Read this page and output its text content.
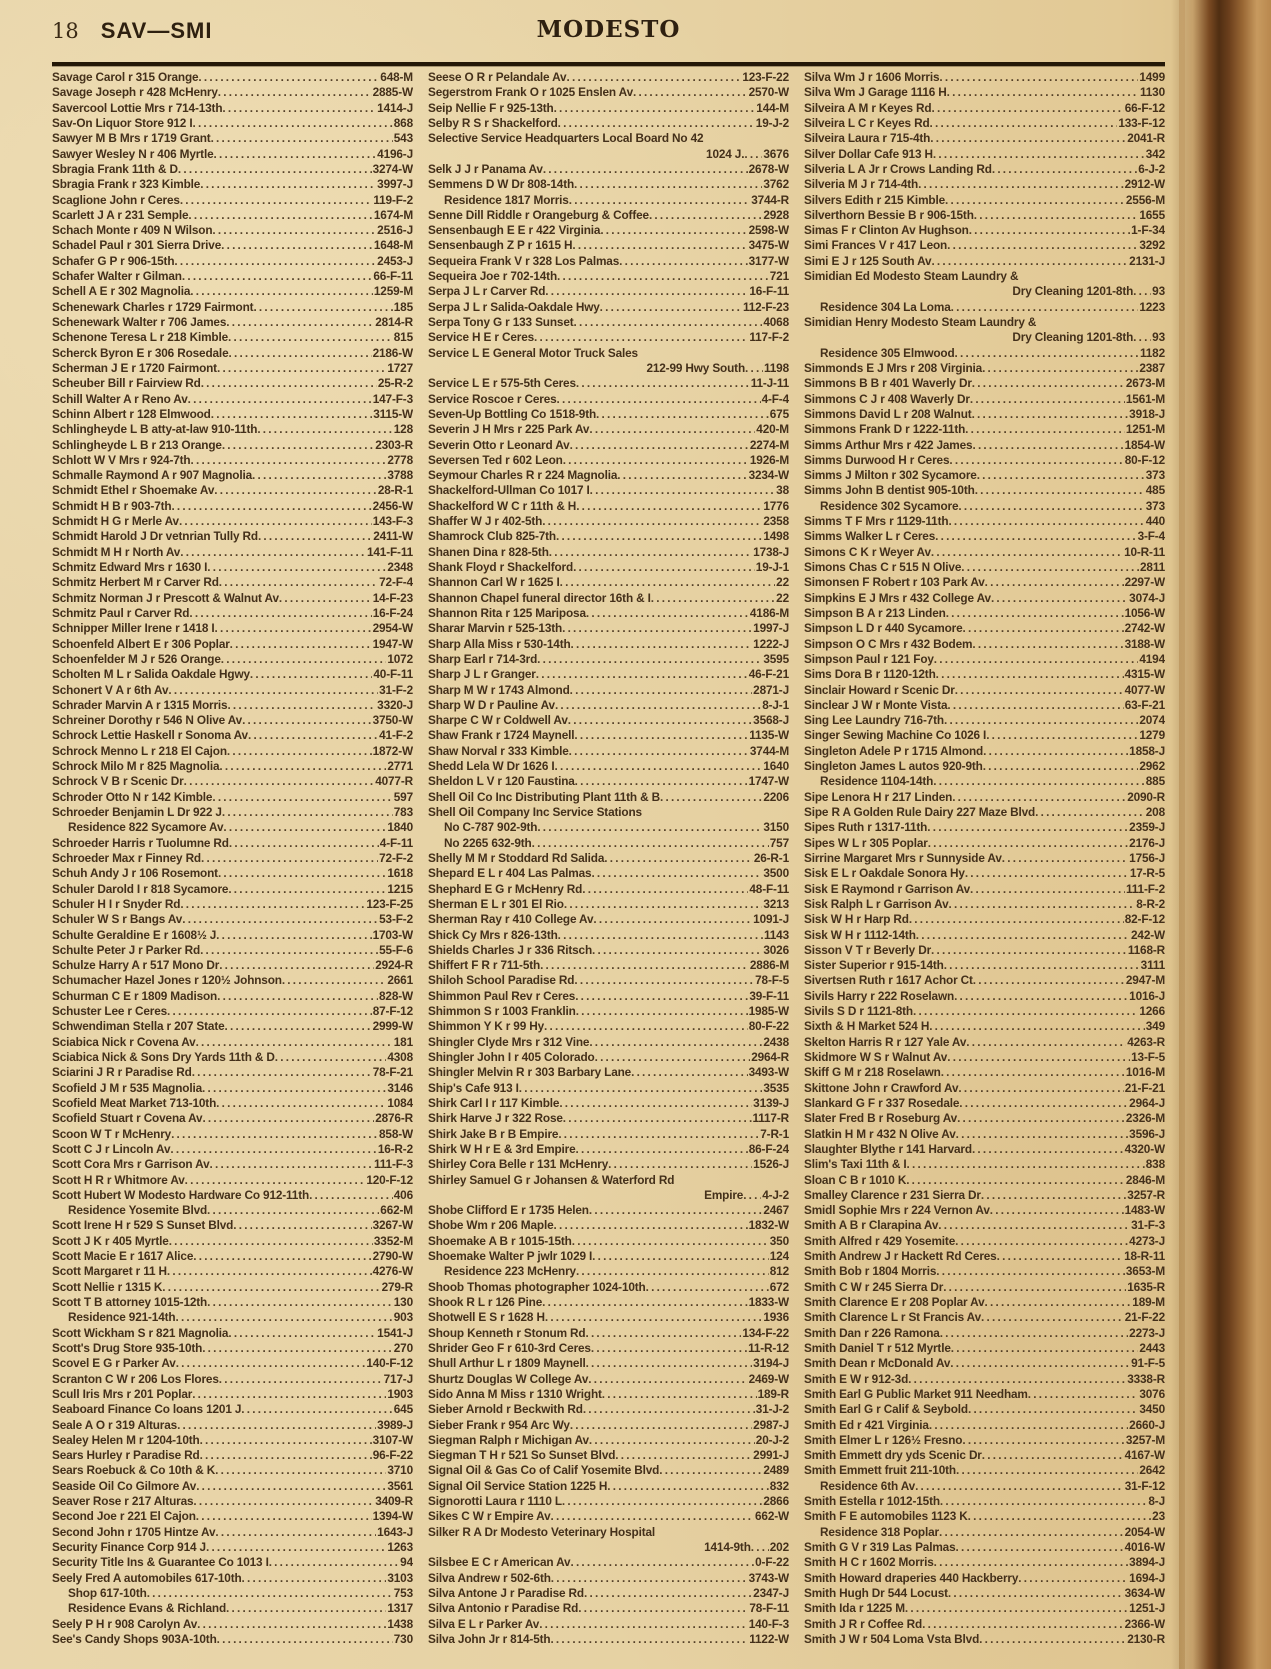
18 SAV—SMI	MODESTO
Savage Carol r 315 Orange .....	648-M
Savage Joseph r 428 McHenry .....	2885-W
Savercool Lottie Mrs r 714-13th .....	1414-J
Sav-On Liquor Store 912 I .....	868
Sawyer M B Mrs r 1719 Grant .....	543
Sawyer Wesley N r 406 Myrtle .....	4196-J
Sbragia Frank 11th & D .....	3274-W
Sbragia Frank r 323 Kimble .....	3997-J
Scaglione John r Ceres .....	119-F-2
Scarlett J A r 231 Semple .....	1674-M
Schach Monte r 409 N Wilson .....	2516-J
Schadel Paul r 301 Sierra Drive .....	1648-M
Schafer G P r 906-15th .....	2453-J
Schafer Walter r Gilman .....	66-F-11
Schell A E r 302 Magnolia .....	1259-M
Schenewark Charles r 1729 Fairmont .....	185
Schenewark Walter r 706 James .....	2814-R
Schenone Teresa L r 218 Kimble .....	815
Scherck Byron E r 306 Rosedale .....	2186-W
Scherman J E r 1720 Fairmont .....	1727
Scheuber Bill r Fairview Rd .....	25-R-2
Schill Walter A r Reno Av .....	147-F-3
Schinn Albert r 128 Elmwood .....	3115-W
Schlingheyde L B atty-at-law 910-11th .....	128
Schlingheyde L B r 213 Orange .....	2303-R
Schlott W V Mrs r 924-7th .....	2778
Schmalle Raymond A r 907 Magnolia .....	3788
Schmidt Ethel r Shoemake Av .....	28-R-1
Schmidt H B r 903-7th .....	2456-W
Schmidt H G r Merle Av .....	143-F-3
Schmidt Harold J Dr vetnrian Tully Rd .....	2411-W
Schmidt M H r North Av .....	141-F-11
Schmitz Edward Mrs r 1630 I .....	2348
Schmitz Herbert M r Carver Rd .....	72-F-4
Schmitz Norman J r Prescott & Walnut Av .....	14-F-23
Schmitz Paul r Carver Rd .....	16-F-24
Schnipper Miller Irene r 1418 I .....	2954-W
Schoenfeld Albert E r 306 Poplar .....	1947-W
Schoenfelder M J r 526 Orange .....	1072
Scholten M L r Salida Oakdale Hgwy .....	40-F-11
Schonert V A r 6th Av .....	31-F-2
Schrader Marvin A r 1315 Morris .....	3320-J
Schreiner Dorothy r 546 N Olive Av .....	3750-W
Schrock Lettie Haskell r Sonoma Av .....	41-F-2
Schrock Menno L r 218 El Cajon .....	1872-W
Schrock Milo M r 825 Magnolia .....	2771
Schrock V B r Scenic Dr .....	4077-R
Schroder Otto N r 142 Kimble .....	597
Schroeder Benjamin L Dr 922 J .....	783
Residence 822 Sycamore Av .....	1840
Schroeder Harris r Tuolumne Rd .....	4-F-11
Schroeder Max r Finney Rd .....	72-F-2
Schuh Andy J r 106 Rosemont .....	1618
Schuler Darold I r 818 Sycamore .....	1215
Schuler H I r Snyder Rd .....	123-F-25
Schuler W S r Bangs Av .....	53-F-2
Schulte Geraldine E r 1608½ J .....	1703-W
Schulte Peter J r Parker Rd .....	55-F-6
Schulze Harry A r 517 Mono Dr .....	2924-R
Schumacher Hazel Jones r 120½ Johnson .....	2661
Schurman C E r 1809 Madison .....	828-W
Schuster Lee r Ceres .....	87-F-12
Schwendiman Stella r 207 State .....	2999-W
Sciabica Nick r Covena Av .....	181
Sciabica Nick & Sons Dry Yards 11th & D .....	4308
Sciarini J R r Paradise Rd .....	78-F-21
Scofield J M r 535 Magnolia .....	3146
Scofield Meat Market 713-10th .....	1084
Scofield Stuart r Covena Av .....	2876-R
Scoon W T r McHenry .....	858-W
Scott C J r Lincoln Av .....	16-R-2
Scott Cora Mrs r Garrison Av .....	111-F-3
Scott H R r Whitmore Av .....	120-F-12
Scott Hubert W Modesto Hardware Co 912-11th .....	406
Residence Yosemite Blvd .....	662-M
Scott Irene H r 529 S Sunset Blvd .....	3267-W
Scott J K r 405 Myrtle .....	3352-M
Scott Macie E r 1617 Alice .....	2790-W
Scott Margaret r 11 H .....	4276-W
Scott Nellie r 1315 K .....	279-R
Scott T B attorney 1015-12th .....	130
Residence 921-14th .....	903
Scott Wickham S r 821 Magnolia .....	1541-J
Scott's Drug Store 935-10th .....	270
Scovel E G r Parker Av .....	140-F-12
Scranton C W r 206 Los Flores .....	717-J
Scull Iris Mrs r 201 Poplar .....	1903
Seaboard Finance Co loans 1201 J .....	645
Seale A O r 319 Alturas .....	3989-J
Sealey Helen M r 1204-10th .....	3107-W
Sears Hurley r Paradise Rd .....	96-F-22
Sears Roebuck & Co 10th & K .....	3710
Seaside Oil Co Gilmore Av .....	3561
Seaver Rose r 217 Alturas .....	3409-R
Second Joe r 221 El Cajon .....	1394-W
Second John r 1705 Hintze Av .....	1643-J
Security Finance Corp 914 J .....	1263
Security Title Ins & Guarantee Co 1013 I .....	94
Seely Fred A automobiles 617-10th .....	3103
Shop 617-10th .....	753
Residence Evans & Richland .....	1317
Seely P H r 908 Carolyn Av .....	1438
See's Candy Shops 903A-10th .....	730
Seese O R r Pelandale Av .....	123-F-22
Segerstrom Frank O r 1025 Enslen Av .....	2570-W
Seip Nellie F r 925-13th .....	144-M
Selby R S r Shackelford .....	19-J-2
Selective Service Headquarters Local Board No 42
1024 J. ..... 3676
Selk J J r Panama Av .....	2678-W
Semmens D W Dr 808-14th .....	3762
Residence 1817 Morris .....	3744-R
Senne Dill Riddle r Orangeburg & Coffee .....	2928
Sensenbaugh E E r 422 Virginia .....	2598-W
Sensenbaugh Z P r 1615 H .....	3475-W
Sequeira Frank V r 328 Los Palmas .....	3177-W
Sequeira Joe r 702-14th .....	721
Serpa J L r Carver Rd .....	16-F-11
Serpa J L r Salida-Oakdale Hwy .....	112-F-23
Serpa Tony G r 133 Sunset .....	4068
Service H E r Ceres .....	117-F-2
Service L E General Motor Truck Sales
212-99 Hwy South ..... 1198
Service L E r 575-5th Ceres .....	11-J-11
Service Roscoe r Ceres .....	4-F-4
Seven-Up Bottling Co 1518-9th .....	675
Severin J H Mrs r 225 Park Av .....	420-M
Severin Otto r Leonard Av .....	2274-M
Seversen Ted r 602 Leon .....	1926-M
Seymour Charles R r 224 Magnolia .....	3234-W
Shackelford-Ullman Co 1017 I .....	38
Shackelford W C r 11th & H .....	1776
Shaffer W J r 402-5th .....	2358
Shamrock Club 825-7th .....	1498
Shanen Dina r 828-5th .....	1738-J
Shank Floyd r Shackelford .....	19-J-1
Shannon Carl W r 1625 I .....	22
Shannon Chapel funeral director 16th & I .....	22
Shannon Rita r 125 Mariposa .....	4186-M
Sharar Marvin r 525-13th .....	1997-J
Sharp Alla Miss r 530-14th .....	1222-J
Sharp Earl r 714-3rd .....	3595
Sharp J L r Granger .....	46-F-21
Sharp M W r 1743 Almond .....	2871-J
Sharp W D r Pauline Av .....	8-J-1
Sharpe C W r Coldwell Av .....	3568-J
Shaw Frank r 1724 Maynell .....	1135-W
Shaw Norval r 333 Kimble .....	3744-M
Shedd Lela W Dr 1626 I .....	1640
Sheldon L V r 120 Faustina .....	1747-W
Shell Oil Co Inc Distributing Plant 11th & B .....	2206
Shell Oil Company Inc Service Stations
No C-787 902-9th .....	3150
No 2265 632-9th .....	757
Shelly M M r Stoddard Rd Salida .....	26-R-1
Shepard E L r 404 Las Palmas .....	3500
Shephard E G r McHenry Rd .....	48-F-11
Sherman E L r 301 El Rio .....	3213
Sherman Ray r 410 College Av .....	1091-J
Shick Cy Mrs r 826-13th .....	1143
Shields Charles J r 336 Ritsch .....	3026
Shiffert F R r 711-5th .....	2886-M
Shiloh School Paradise Rd .....	78-F-5
Shimmon Paul Rev r Ceres .....	39-F-11
Shimmon S r 1003 Franklin .....	1985-W
Shimmon Y K r 99 Hy .....	80-F-22
Shingler Clyde Mrs r 312 Vine .....	2438
Shingler John I r 405 Colorado .....	2964-R
Shingler Melvin R r 303 Barbary Lane .....	3493-W
Ship's Cafe 913 I .....	3535
Shirk Carl I r 117 Kimble .....	3139-J
Shirk Harve J r 322 Rose .....	1117-R
Shirk Jake B r B Empire .....	7-R-1
Shirk W H r E & 3rd Empire .....	86-F-24
Shirley Cora Belle r 131 McHenry .....	1526-J
Shirley Samuel G r Johansen & Waterford Rd
Empire ..... 4-J-2
Shobe Clifford E r 1735 Helen .....	2467
Shobe Wm r 206 Maple .....	1832-W
Shoemake A B r 1015-15th .....	350
Shoemake Walter P jwlr 1029 I .....	124
Residence 223 McHenry .....	812
Shoob Thomas photographer 1024-10th .....	672
Shook R L r 126 Pine .....	1833-W
Shotwell E S r 1628 H .....	1936
Shoup Kenneth r Stonum Rd .....	134-F-22
Shrider Geo F r 610-3rd Ceres .....	11-R-12
Shull Arthur L r 1809 Maynell .....	3194-J
Shurtz Douglas W College Av .....	2469-W
Sido Anna M Miss r 1310 Wright .....	189-R
Sieber Arnold r Beckwith Rd .....	31-J-2
Sieber Frank r 954 Arc Wy .....	2987-J
Siegman Ralph r Michigan Av .....	20-J-2
Siegman T H r 521 So Sunset Blvd .....	2991-J
Signal Oil & Gas Co of Calif Yosemite Blvd .....	2489
Signal Oil Service Station 1225 H .....	832
Signorotti Laura r 1110 L .....	2866
Sikes C W r Empire Av .....	662-W
Silker R A Dr Modesto Veterinary Hospital
1414-9th ..... 202
Silsbee E C r American Av .....	0-F-22
Silva Andrew r 502-6th .....	3743-W
Silva Antone J r Paradise Rd .....	2347-J
Silva Antonio r Paradise Rd .....	78-F-11
Silva E L r Parker Av .....	140-F-3
Silva John Jr r 814-5th .....	1122-W
Silva Wm J r 1606 Morris .....	1499
Silva Wm J Garage 1116 H .....	1130
Silveira A M r Keyes Rd .....	66-F-12
Silveira L C r Keyes Rd .....	133-F-12
Silveira Laura r 715-4th .....	2041-R
Silver Dollar Cafe 913 H .....	342
Silveria L A Jr r Crows Landing Rd .....	6-J-2
Silveria M J r 714-4th .....	2912-W
Silvers Edith r 215 Kimble .....	2556-M
Silverthorn Bessie B r 906-15th .....	1655
Simas F r Clinton Av Hughson .....	1-F-34
Simi Frances V r 417 Leon .....	3292
Simi E J r 125 South Av .....	2131-J
Simidian Ed Modesto Steam Laundry &
Dry Cleaning 1201-8th ..... 93
Residence 304 La Loma .....	1223
Simidian Henry Modesto Steam Laundry &
Dry Cleaning 1201-8th ..... 93
Residence 305 Elmwood .....	1182
Simmonds E J Mrs r 208 Virginia .....	2387
Simmons B B r 401 Waverly Dr .....	2673-M
Simmons C J r 408 Waverly Dr .....	1561-M
Simmons David L r 208 Walnut .....	3918-J
Simmons Frank D r 1222-11th .....	1251-M
Simms Arthur Mrs r 422 James .....	1854-W
Simms Durwood H r Ceres .....	80-F-12
Simms J Milton r 302 Sycamore .....	373
Simms John B dentist 905-10th .....	485
Residence 302 Sycamore .....	373
Simms T F Mrs r 1129-11th .....	440
Simms Walker L r Ceres .....	3-F-4
Simons C K r Weyer Av .....	10-R-11
Simons Chas C r 515 N Olive .....	2811
Simonsen F Robert r 103 Park Av .....	2297-W
Simpkins E J Mrs r 432 College Av .....	3074-J
Simpson B A r 213 Linden .....	1056-W
Simpson L D r 440 Sycamore .....	2742-W
Simpson O C Mrs r 432 Bodem .....	3188-W
Simpson Paul r 121 Foy .....	4194
Sims Dora B r 1120-12th .....	4315-W
Sinclair Howard r Scenic Dr .....	4077-W
Sinclear J W r Monte Vista .....	63-F-21
Sing Lee Laundry 716-7th .....	2074
Singer Sewing Machine Co 1026 I .....	1279
Singleton Adele P r 1715 Almond .....	1858-J
Singleton James L autos 920-9th .....	2962
Residence 1104-14th .....	885
Sipe Lenora H r 217 Linden .....	2090-R
Sipe R A Golden Rule Dairy 227 Maze Blvd .....	208
Sipes Ruth r 1317-11th .....	2359-J
Sipes W L r 305 Poplar .....	2176-J
Sirrine Margaret Mrs r Sunnyside Av .....	1756-J
Sisk E L r Oakdale Sonora Hy .....	17-R-5
Sisk E Raymond r Garrison Av .....	111-F-2
Sisk Ralph L r Garrison Av .....	8-R-2
Sisk W H r Harp Rd .....	82-F-12
Sisk W H r 1112-14th .....	242-W
Sisson V T r Beverly Dr .....	1168-R
Sister Superior r 915-14th .....	3111
Sivertsen Ruth r 1617 Achor Ct .....	2947-M
Sivils Harry r 222 Roselawn .....	1016-J
Sivils S D r 1121-8th .....	1266
Sixth & H Market 524 H .....	349
Skelton Harris R r 127 Yale Av .....	4263-R
Skidmore W S r Walnut Av .....	13-F-5
Skiff G M r 218 Roselawn .....	1016-M
Skittone John r Crawford Av .....	21-F-21
Slankard G F r 337 Rosedale .....	2964-J
Slater Fred B r Roseburg Av .....	2326-M
Slatkin H M r 432 N Olive Av .....	3596-J
Slaughter Blythe r 141 Harvard .....	4320-W
Slim's Taxi 11th & I .....	838
Sloan C B r 1010 K .....	2846-M
Smalley Clarence r 231 Sierra Dr .....	3257-R
Smidl Sophie Mrs r 224 Vernon Av .....	1483-W
Smith A B r Clarapina Av .....	31-F-3
Smith Alfred r 429 Yosemite .....	4273-J
Smith Andrew J r Hackett Rd Ceres .....	18-R-11
Smith Bob r 1804 Morris .....	3653-M
Smith C W r 245 Sierra Dr .....	1635-R
Smith Clarence E r 208 Poplar Av .....	189-M
Smith Clarence L r St Francis Av .....	21-F-22
Smith Dan r 226 Ramona .....	2273-J
Smith Daniel T r 512 Myrtle .....	2443
Smith Dean r McDonald Av .....	91-F-5
Smith E W r 912-3d .....	3338-R
Smith Earl G Public Market 911 Needham .....	3076
Smith Earl G r Calif & Seybold .....	3450
Smith Ed r 421 Virginia .....	2660-J
Smith Elmer L r 126½ Fresno .....	3257-M
Smith Emmett dry yds Scenic Dr .....	4167-W
Smith Emmett fruit 211-10th .....	2642
Residence 6th Av .....	31-F-12
Smith Estella r 1012-15th .....	8-J
Smith F E automobiles 1123 K .....	23
Residence 318 Poplar .....	2054-W
Smith G V r 319 Las Palmas .....	4016-W
Smith H C r 1602 Morris .....	3894-J
Smith Howard draperies 440 Hackberry .....	1694-J
Smith Hugh Dr 544 Locust .....	3634-W
Smith Ida r 1225 M .....	1251-J
Smith J R r Coffee Rd .....	2366-W
Smith J W r 504 Loma Vsta Blvd .....	2130-R
